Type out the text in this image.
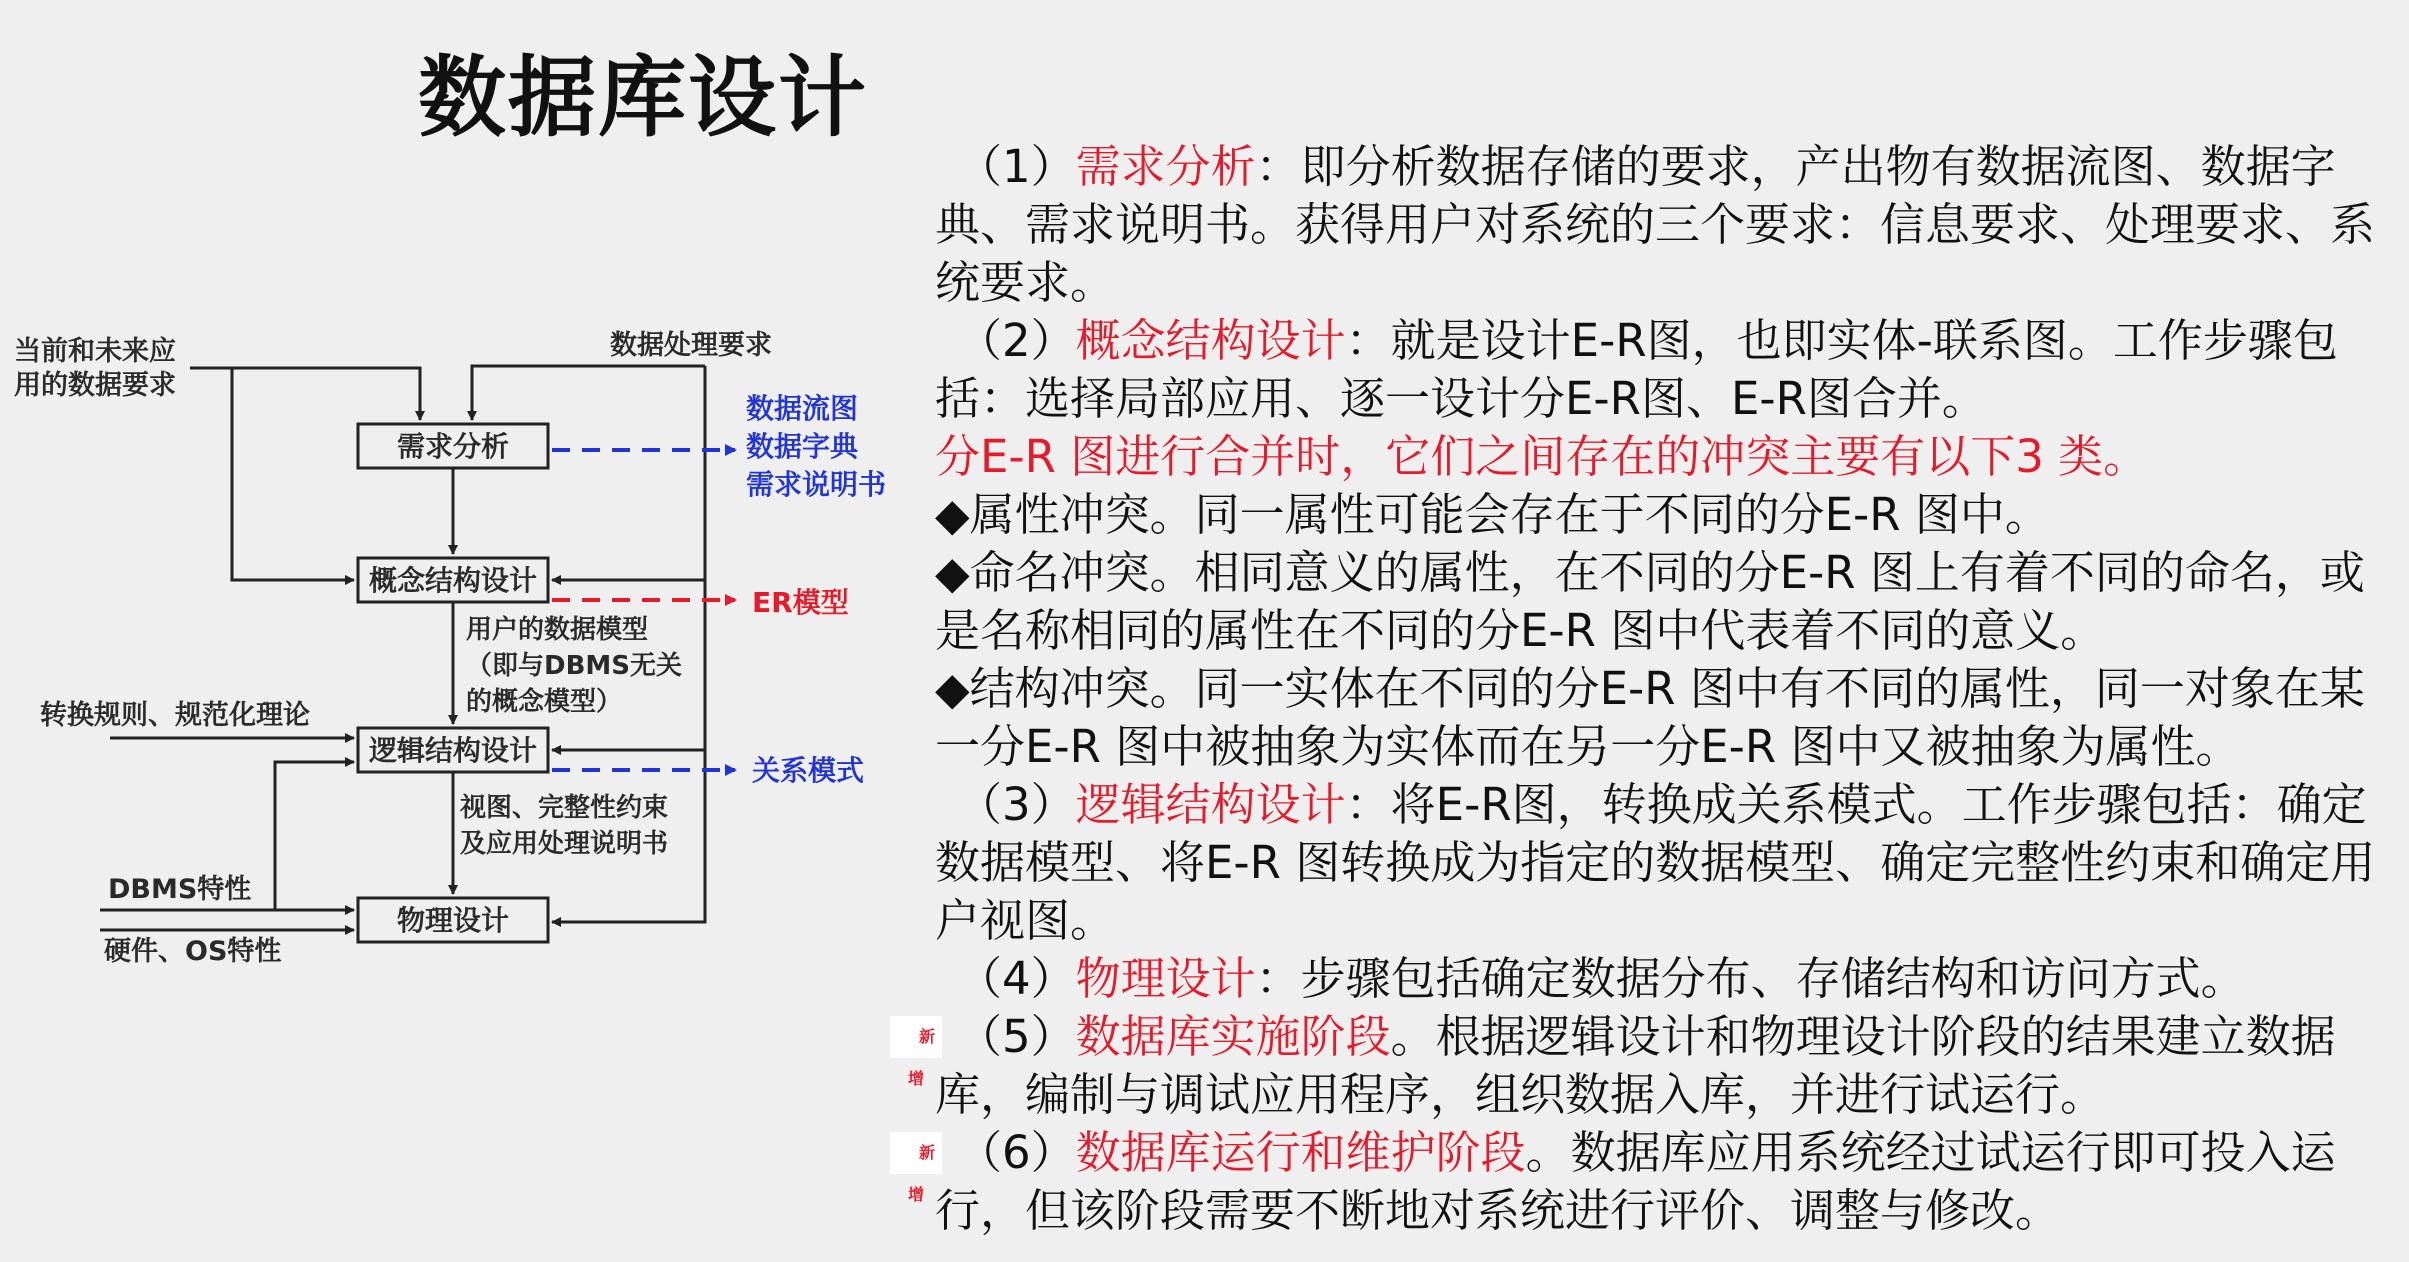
数据库设计
当前和未来应
用的数据要求
数据处理要求
需求分析
概念结构设计
逻辑结构设计
物理设计
用户的数据模型
（即与DBMS无关
的概念模型）
视图、完整性约束
及应用处理说明书
转换规则、规范化理论
DBMS特性
硬件、OS特性
数据流图
数据字典
需求说明书
ER模型
关系模式

（1）需求分析：即分析数据存储的要求，产出物有数据流图、数据字典、需求说明书。获得用户对系统的三个要求：信息要求、处理要求、系统要求。

（2）概念结构设计：就是设计E-R图，也即实体-联系图。工作步骤包括：选择局部应用、逐一设计分E-R图、E-R图合并。

分E-R 图进行合并时，它们之间存在的冲突主要有以下3 类。

◆属性冲突。同一属性可能会存在于不同的分E-R 图中。

◆命名冲突。相同意义的属性，在不同的分E-R 图上有着不同的命名，或是名称相同的属性在不同的分E-R 图中代表着不同的意义。

◆结构冲突。同一实体在不同的分E-R 图中有不同的属性，同一对象在某一分E-R 图中被抽象为实体而在另一分E-R 图中又被抽象为属性。

（3）逻辑结构设计：将E-R图，转换成关系模式。工作步骤包括：确定数据模型、将E-R 图转换成为指定的数据模型、确定完整性约束和确定用户视图。

（4）物理设计：步骤包括确定数据分布、存储结构和访问方式。

新增
（5）数据库实施阶段。根据逻辑设计和物理设计阶段的结果建立数据库，编制与调试应用程序，组织数据入库，并进行试运行。

新增
（6）数据库运行和维护阶段。数据库应用系统经过试运行即可投入运行，但该阶段需要不断地对系统进行评价、调整与修改。
